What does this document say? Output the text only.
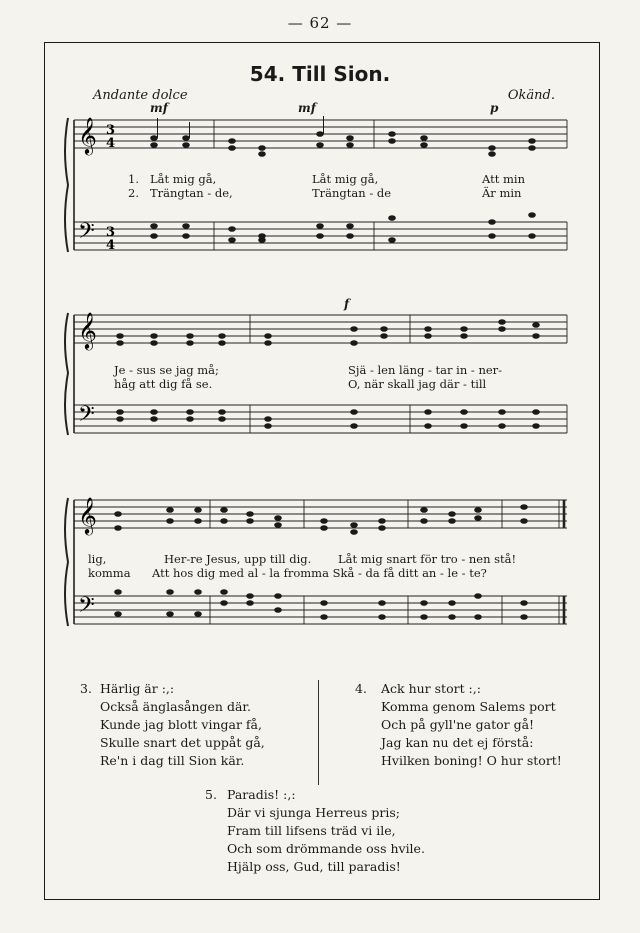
— 62 —
54. Till Sion.
Andante dolce	Okänd.
mf	mf	p
f
𝄞
𝄢
3
4
3
4
1. Låt mig gå,	Låt mig gå,	Att min
2. Trängtan - de,	Trängtan - de	Är min
𝄞
𝄢
Je - sus se jag må;	Sjä - len läng - tar in - ner-
håg att dig få se.	O, när skall jag där - till
𝄞
𝄢
lig,	Her-re Jesus, upp till dig. Låt mig snart för tro - nen stå!
komma Att hos dig med al - la fromma Skå - da få ditt an - le - te?
3. Härlig är :,:
Också änglasången där.
Kunde jag blott vingar få,
Skulle snart det uppåt gå,
Re'n i dag till Sion kär.
4. Ack hur stort :,:
Komma genom Salems port
Och på gyll'ne gator gå!
Jag kan nu det ej förstå:
Hvilken boning! O hur stort!
5. Paradis! :,:
Där vi sjunga Herreus pris;
Fram till lifsens träd vi ile,
Och som drömmande oss hvile.
Hjälp oss, Gud, till paradis!
